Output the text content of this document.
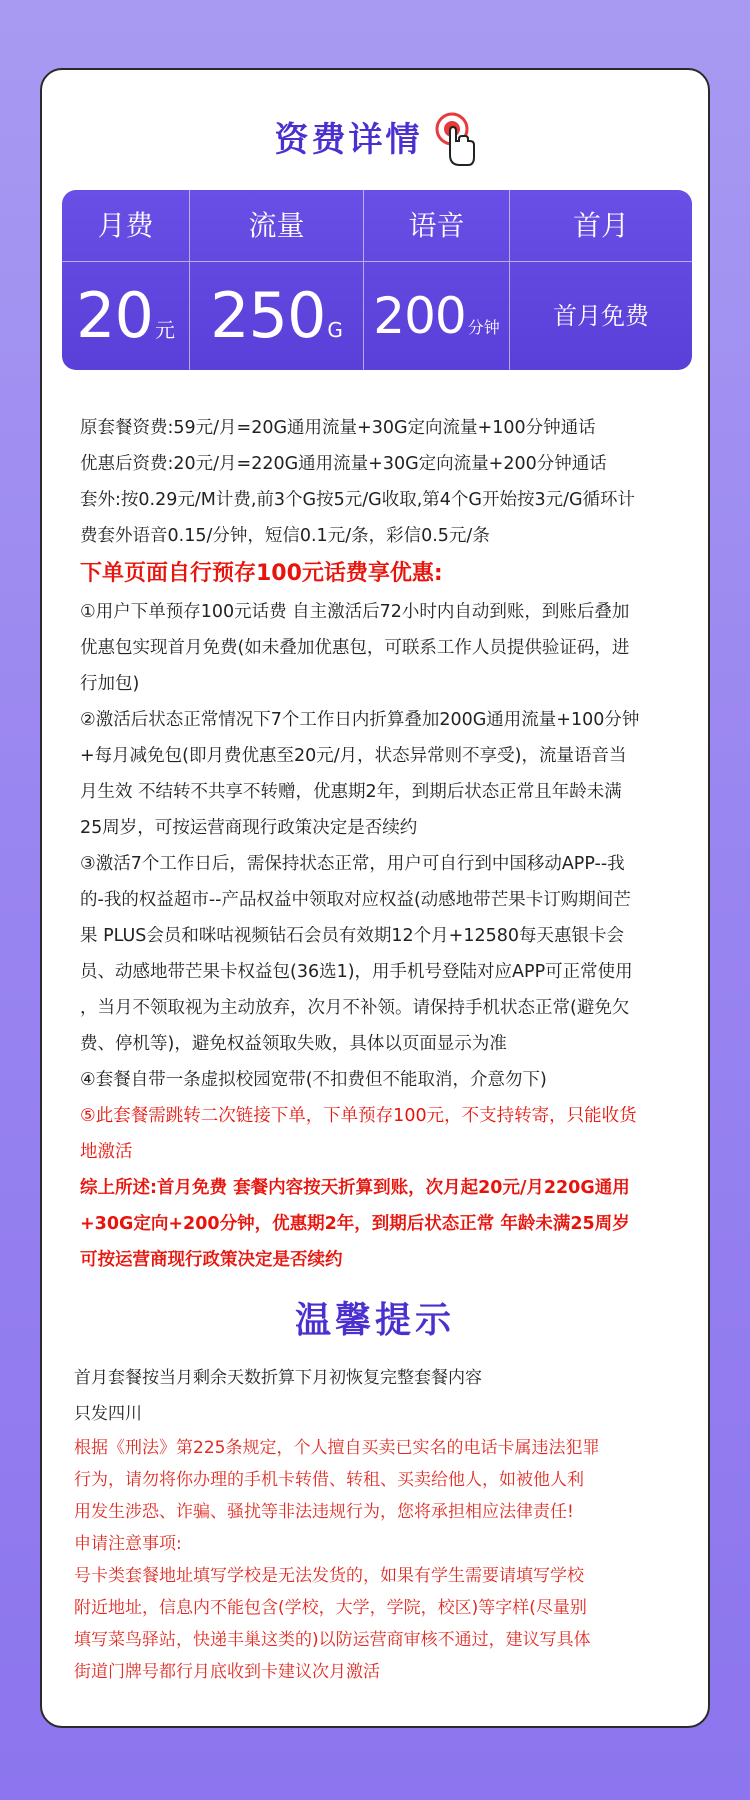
资费详情
月费
20 元
流量
250 G
语音
200 分钟
首月
首月免费
原套餐资费:59元/月=20G通用流量+30G定向流量+100分钟通话
优惠后资费:20元/月=220G通用流量+30G定向流量+200分钟通话
套外:按0.29元/M计费,前3个G按5元/G收取,第4个G开始按3元/G循环计
费套外语音0.15/分钟，短信0.1元/条，彩信0.5元/条
下单页面自行预存100元话费享优惠:
①用户下单预存100元话费 自主激活后72小时内自动到账，到账后叠加
优惠包实现首月免费(如未叠加优惠包，可联系工作人员提供验证码，进
行加包)
②激活后状态正常情况下7个工作日内折算叠加200G通用流量+100分钟
+每月减免包(即月费优惠至20元/月，状态异常则不享受)，流量语音当
月生效 不结转不共享不转赠，优惠期2年，到期后状态正常且年龄未满
25周岁，可按运营商现行政策决定是否续约
③激活7个工作日后，需保持状态正常，用户可自行到中国移动APP--我
的-我的权益超市--产品权益中领取对应权益(动感地带芒果卡订购期间芒
果 PLUS会员和咪咕视频钻石会员有效期12个月+12580每天惠银卡会
员、动感地带芒果卡权益包(36选1)，用手机号登陆对应APP可正常使用
，当月不领取视为主动放弃，次月不补领。请保持手机状态正常(避免欠
费、停机等)，避免权益领取失败，具体以页面显示为准
④套餐自带一条虚拟校园宽带(不扣费但不能取消，介意勿下)
⑤此套餐需跳转二次链接下单，下单预存100元，不支持转寄，只能收货
地激活
综上所述:首月免费 套餐内容按天折算到账，次月起20元/月220G通用
+30G定向+200分钟，优惠期2年，到期后状态正常 年龄未满25周岁
可按运营商现行政策决定是否续约
温馨提示
首月套餐按当月剩余天数折算下月初恢复完整套餐内容
只发四川
根据《刑法》第225条规定，个人擅自买卖已实名的电话卡属违法犯罪
行为，请勿将你办理的手机卡转借、转租、买卖给他人，如被他人利
用发生涉恐、诈骗、骚扰等非法违规行为，您将承担相应法律责任!
申请注意事项:
号卡类套餐地址填写学校是无法发货的，如果有学生需要请填写学校
附近地址，信息内不能包含(学校，大学，学院，校区)等字样(尽量别
填写菜鸟驿站，快递丰巢这类的)以防运营商审核不通过，建议写具体
街道门牌号都行月底收到卡建议次月激活
